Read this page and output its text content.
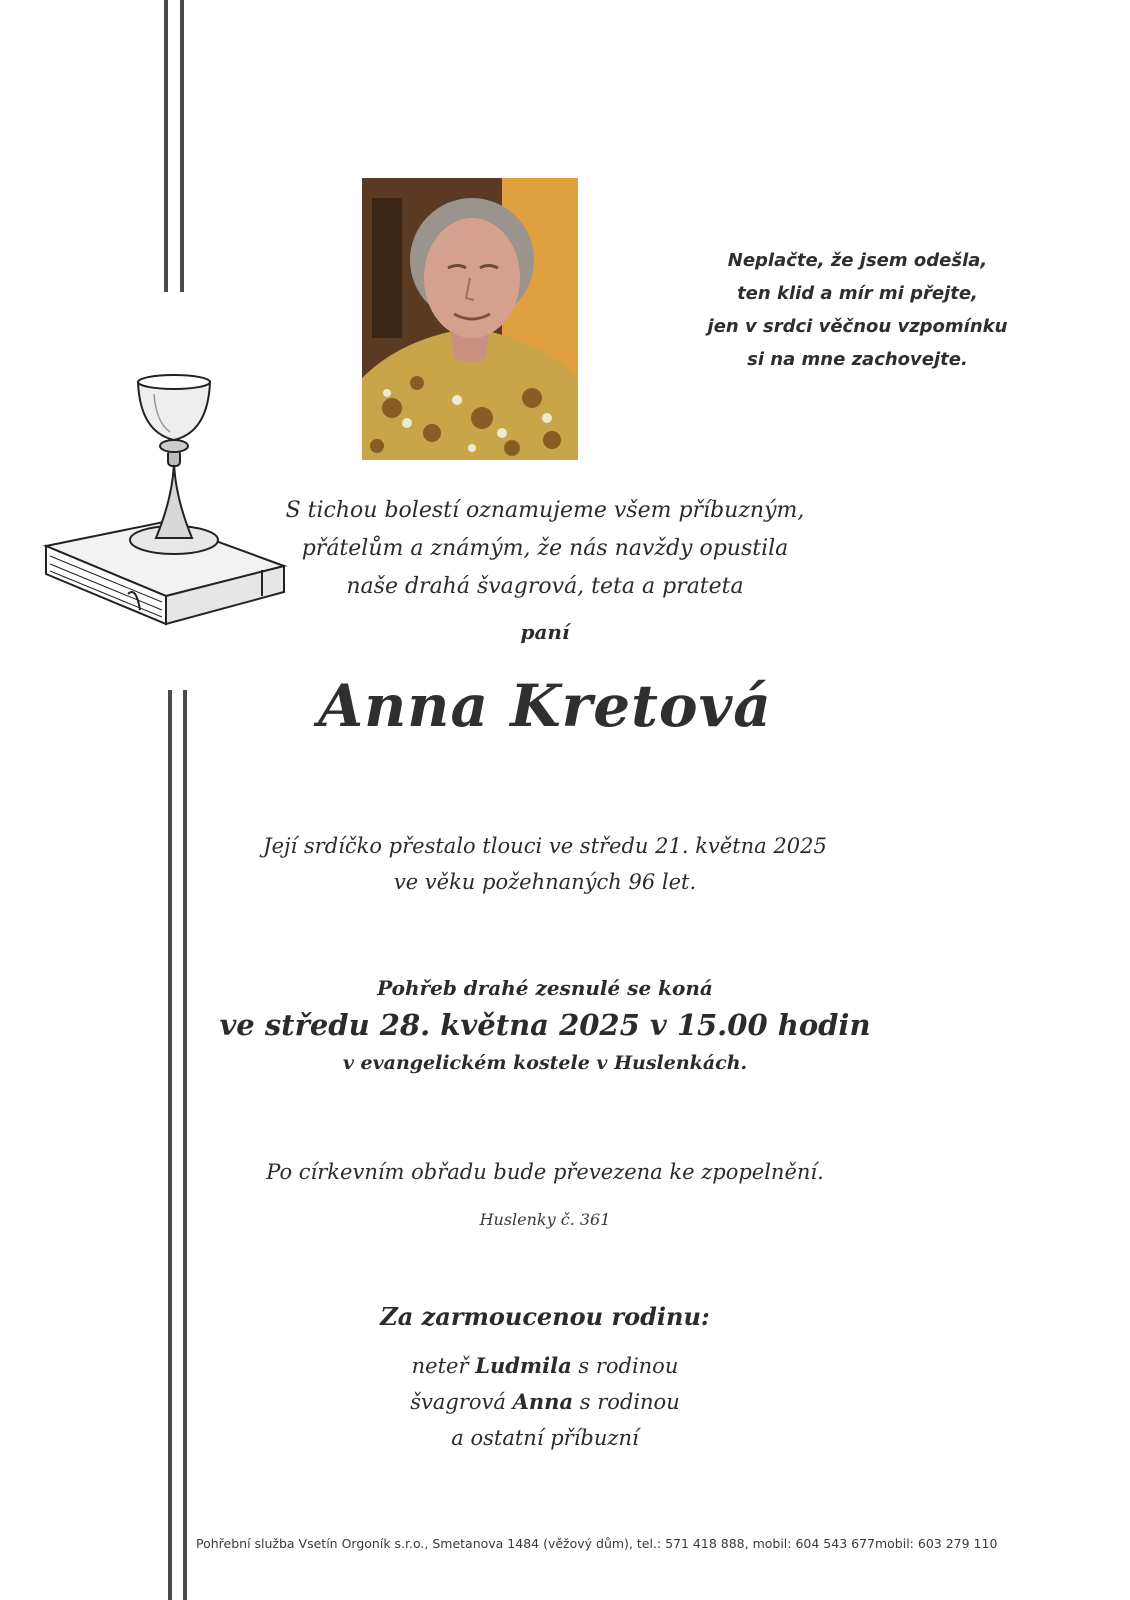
Neplačte, že jsem odešla,
ten klid a mír mi přejte,
jen v srdci věčnou vzpomínku
si na mne zachovejte.
S tichou bolestí oznamujeme všem příbuzným,
přátelům a známým, že nás navždy opustila
naše drahá švagrová, teta a prateta
paní
Anna Kretová
Její srdíčko přestalo tlouci ve středu 21. května 2025
ve věku požehnaných 96 let.
Pohřeb drahé zesnulé se koná
ve středu 28. května 2025 v 15.00 hodin
v evangelickém kostele v Huslenkách.
Po církevním obřadu bude převezena ke zpopelnění.
Huslenky č. 361
Za zarmoucenou rodinu:
neteř Ludmila s rodinou
švagrová Anna s rodinou
a ostatní příbuzní
Pohřební služba Vsetín Orgoník s.r.o., Smetanova 1484 (věžový dům), tel.: 571 418 888, mobil: 604 543 677mobil: 603 279 110
